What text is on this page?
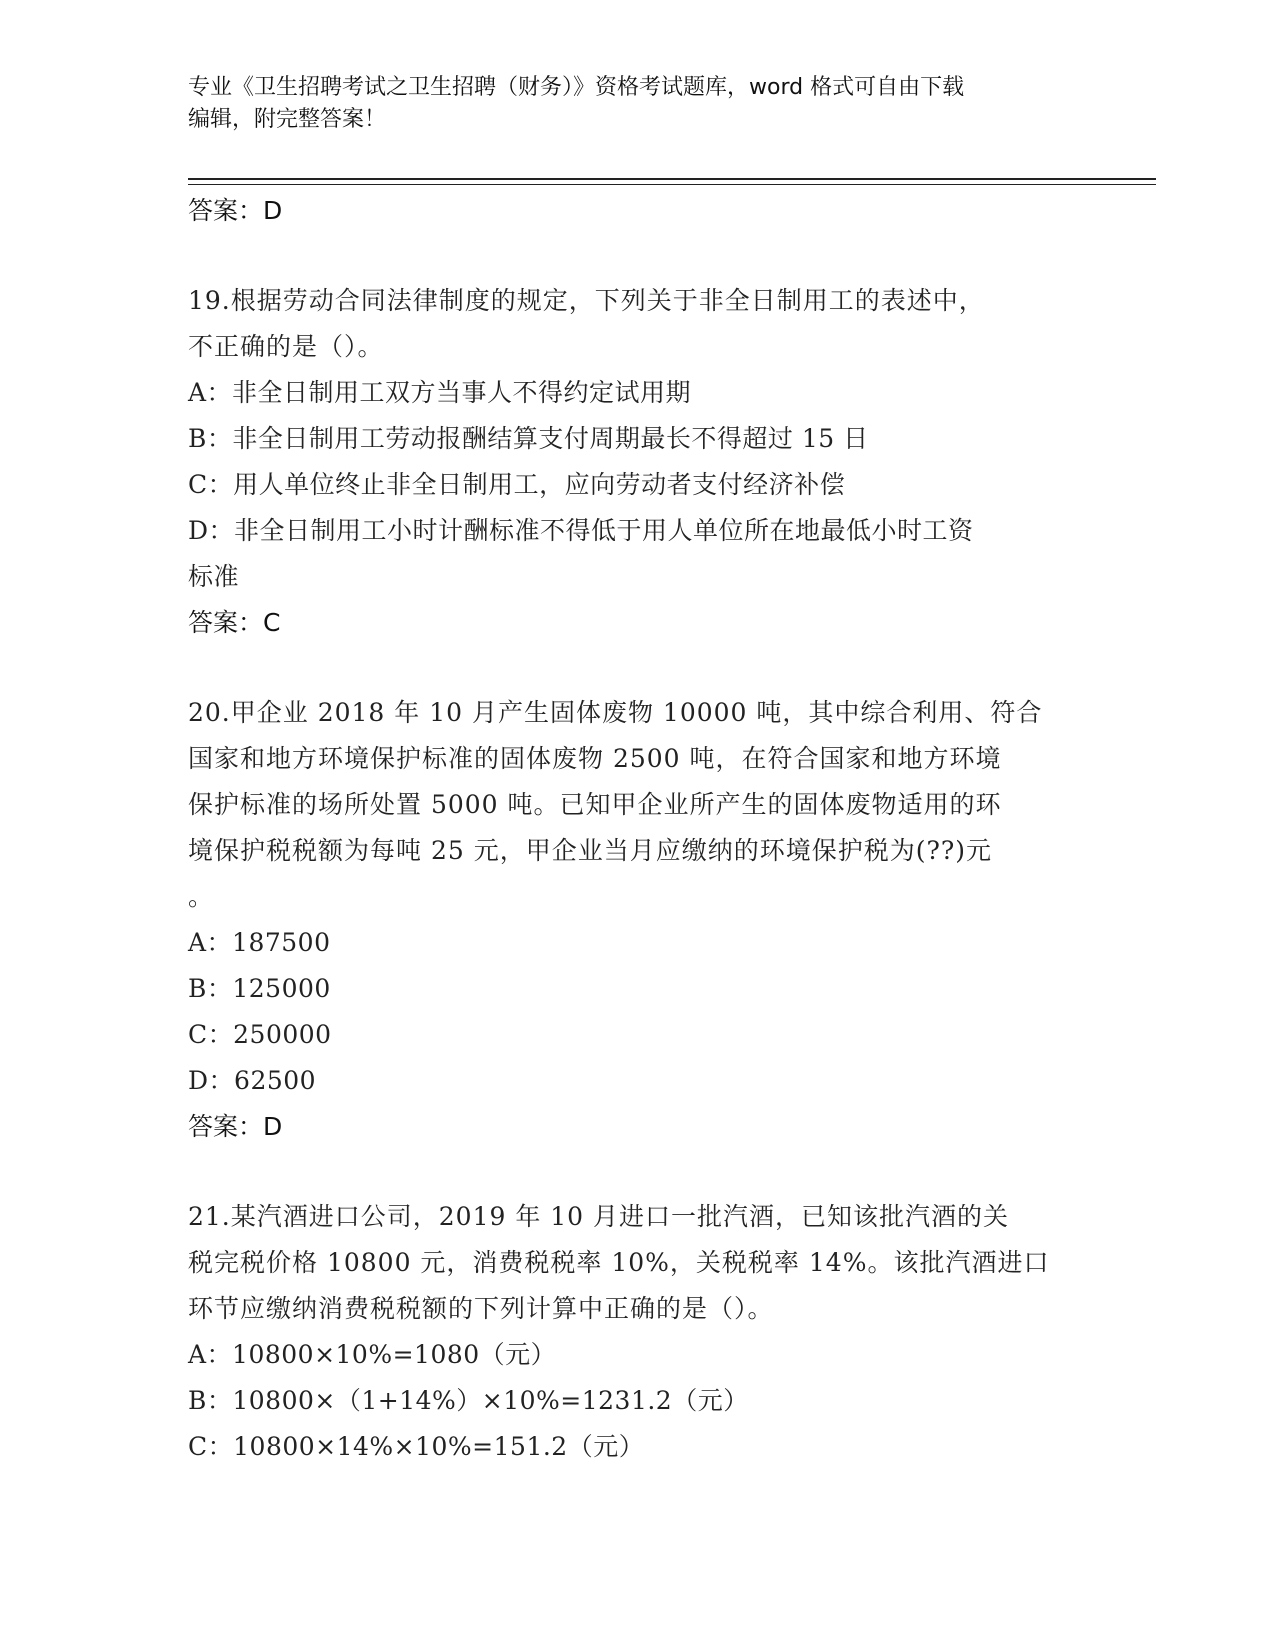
专业《卫生招聘考试之卫生招聘（财务）》资格考试题库，word 格式可自由下载
编辑，附完整答案！
答案：D
19.根据劳动合同法律制度的规定，下列关于非全日制用工的表述中，
不正确的是（）。
A：非全日制用工双方当事人不得约定试用期
B：非全日制用工劳动报酬结算支付周期最长不得超过 15 日
C：用人单位终止非全日制用工，应向劳动者支付经济补偿
D：非全日制用工小时计酬标准不得低于用人单位所在地最低小时工资
标准
答案：C
20.甲企业 2018 年 10 月产生固体废物 10000 吨，其中综合利用、符合
国家和地方环境保护标准的固体废物 2500 吨，在符合国家和地方环境
保护标准的场所处置 5000 吨。已知甲企业所产生的固体废物适用的环
境保护税税额为每吨 25 元，甲企业当月应缴纳的环境保护税为(??)元
。
A：187500
B：125000
C：250000
D：62500
答案：D
21.某汽酒进口公司，2019 年 10 月进口一批汽酒，已知该批汽酒的关
税完税价格 10800 元，消费税税率 10%，关税税率 14%。该批汽酒进口
环节应缴纳消费税税额的下列计算中正确的是（）。
A：10800×10%=1080（元）
B：10800×（1+14%）×10%=1231.2（元）
C：10800×14%×10%=151.2（元）
